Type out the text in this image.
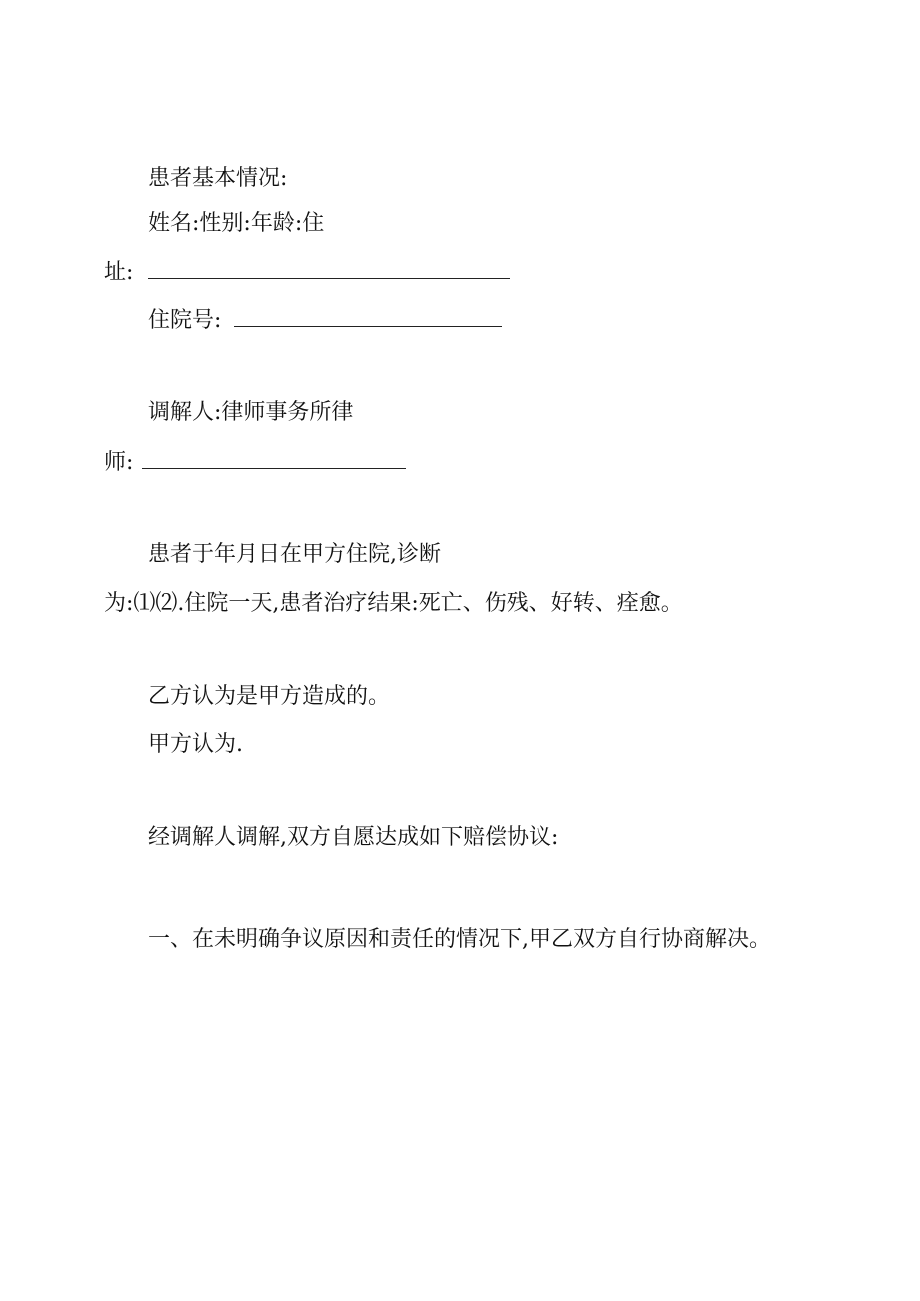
患者基本情况:
姓名:性别:年龄:住
址:
住院号:
调解人:律师事务所律
师:
患者于年月日在甲方住院,诊断
为:⑴⑵.住院一天,患者治疗结果:死亡、伤残、好转、痊愈。
乙方认为是甲方造成的。
甲方认为.
经调解人调解,双方自愿达成如下赔偿协议:
一、在未明确争议原因和责任的情况下,甲乙双方自行协商解决。
